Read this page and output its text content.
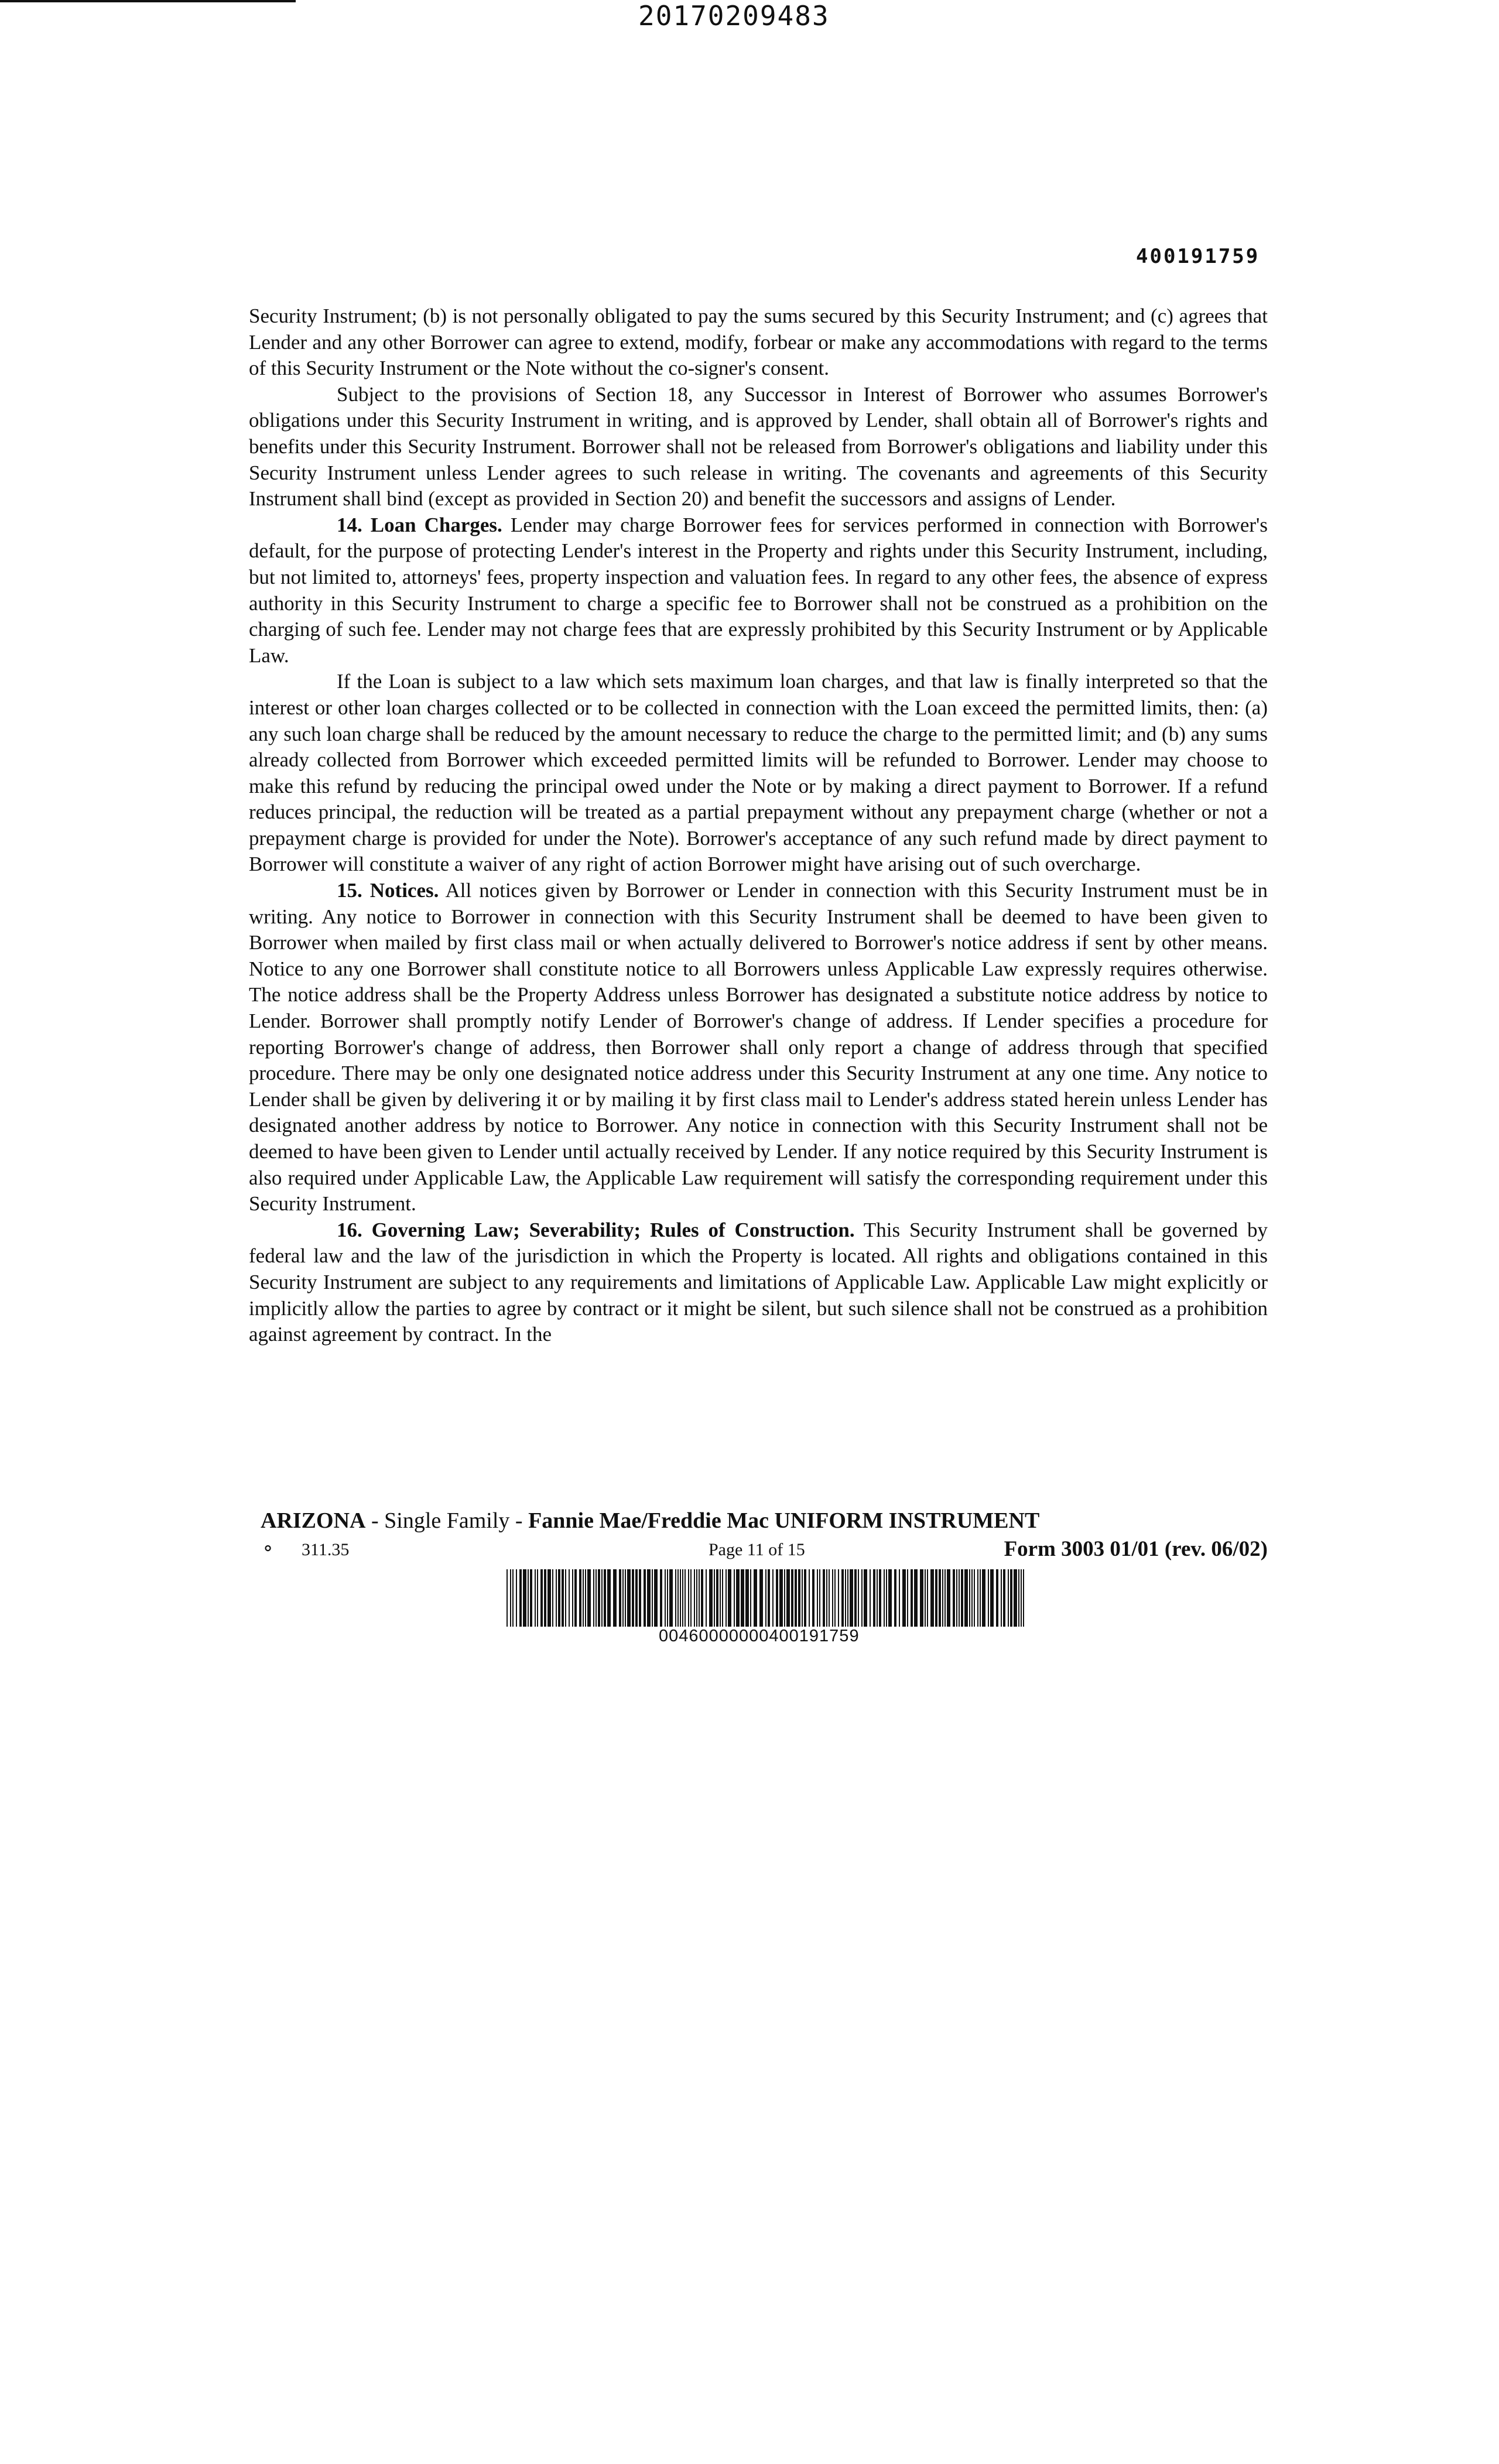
20170209483
400191759

Security Instrument; (b) is not personally obligated to pay the sums secured by this Security Instrument; and (c) agrees that Lender and any other Borrower can agree to extend, modify, forbear or make any accommodations with regard to the terms of this Security Instrument or the Note without the co-signer's consent.

Subject to the provisions of Section 18, any Successor in Interest of Borrower who assumes Borrower's obligations under this Security Instrument in writing, and is approved by Lender, shall obtain all of Borrower's rights and benefits under this Security Instrument. Borrower shall not be released from Borrower's obligations and liability under this Security Instrument unless Lender agrees to such release in writing. The covenants and agreements of this Security Instrument shall bind (except as provided in Section 20) and benefit the successors and assigns of Lender.

14. Loan Charges. Lender may charge Borrower fees for services performed in connection with Borrower's default, for the purpose of protecting Lender's interest in the Property and rights under this Security Instrument, including, but not limited to, attorneys' fees, property inspection and valuation fees. In regard to any other fees, the absence of express authority in this Security Instrument to charge a specific fee to Borrower shall not be construed as a prohibition on the charging of such fee. Lender may not charge fees that are expressly prohibited by this Security Instrument or by Applicable Law.

If the Loan is subject to a law which sets maximum loan charges, and that law is finally interpreted so that the interest or other loan charges collected or to be collected in connection with the Loan exceed the permitted limits, then: (a) any such loan charge shall be reduced by the amount necessary to reduce the charge to the permitted limit; and (b) any sums already collected from Borrower which exceeded permitted limits will be refunded to Borrower. Lender may choose to make this refund by reducing the principal owed under the Note or by making a direct payment to Borrower. If a refund reduces principal, the reduction will be treated as a partial prepayment without any prepayment charge (whether or not a prepayment charge is provided for under the Note). Borrower's acceptance of any such refund made by direct payment to Borrower will constitute a waiver of any right of action Borrower might have arising out of such overcharge.

15. Notices. All notices given by Borrower or Lender in connection with this Security Instrument must be in writing. Any notice to Borrower in connection with this Security Instrument shall be deemed to have been given to Borrower when mailed by first class mail or when actually delivered to Borrower's notice address if sent by other means. Notice to any one Borrower shall constitute notice to all Borrowers unless Applicable Law expressly requires otherwise. The notice address shall be the Property Address unless Borrower has designated a substitute notice address by notice to Lender. Borrower shall promptly notify Lender of Borrower's change of address. If Lender specifies a procedure for reporting Borrower's change of address, then Borrower shall only report a change of address through that specified procedure. There may be only one designated notice address under this Security Instrument at any one time. Any notice to Lender shall be given by delivering it or by mailing it by first class mail to Lender's address stated herein unless Lender has designated another address by notice to Borrower. Any notice in connection with this Security Instrument shall not be deemed to have been given to Lender until actually received by Lender. If any notice required by this Security Instrument is also required under Applicable Law, the Applicable Law requirement will satisfy the corresponding requirement under this Security Instrument.

16. Governing Law; Severability; Rules of Construction. This Security Instrument shall be governed by federal law and the law of the jurisdiction in which the Property is located. All rights and obligations contained in this Security Instrument are subject to any requirements and limitations of Applicable Law. Applicable Law might explicitly or implicitly allow the parties to agree by contract or it might be silent, but such silence shall not be construed as a prohibition against agreement by contract. In the

ARIZONA - Single Family - Fannie Mae/Freddie Mac UNIFORM INSTRUMENT
⚬ 311.35	Page 11 of 15	Form 3003 01/01 (rev. 06/02)
00460000000400191759
